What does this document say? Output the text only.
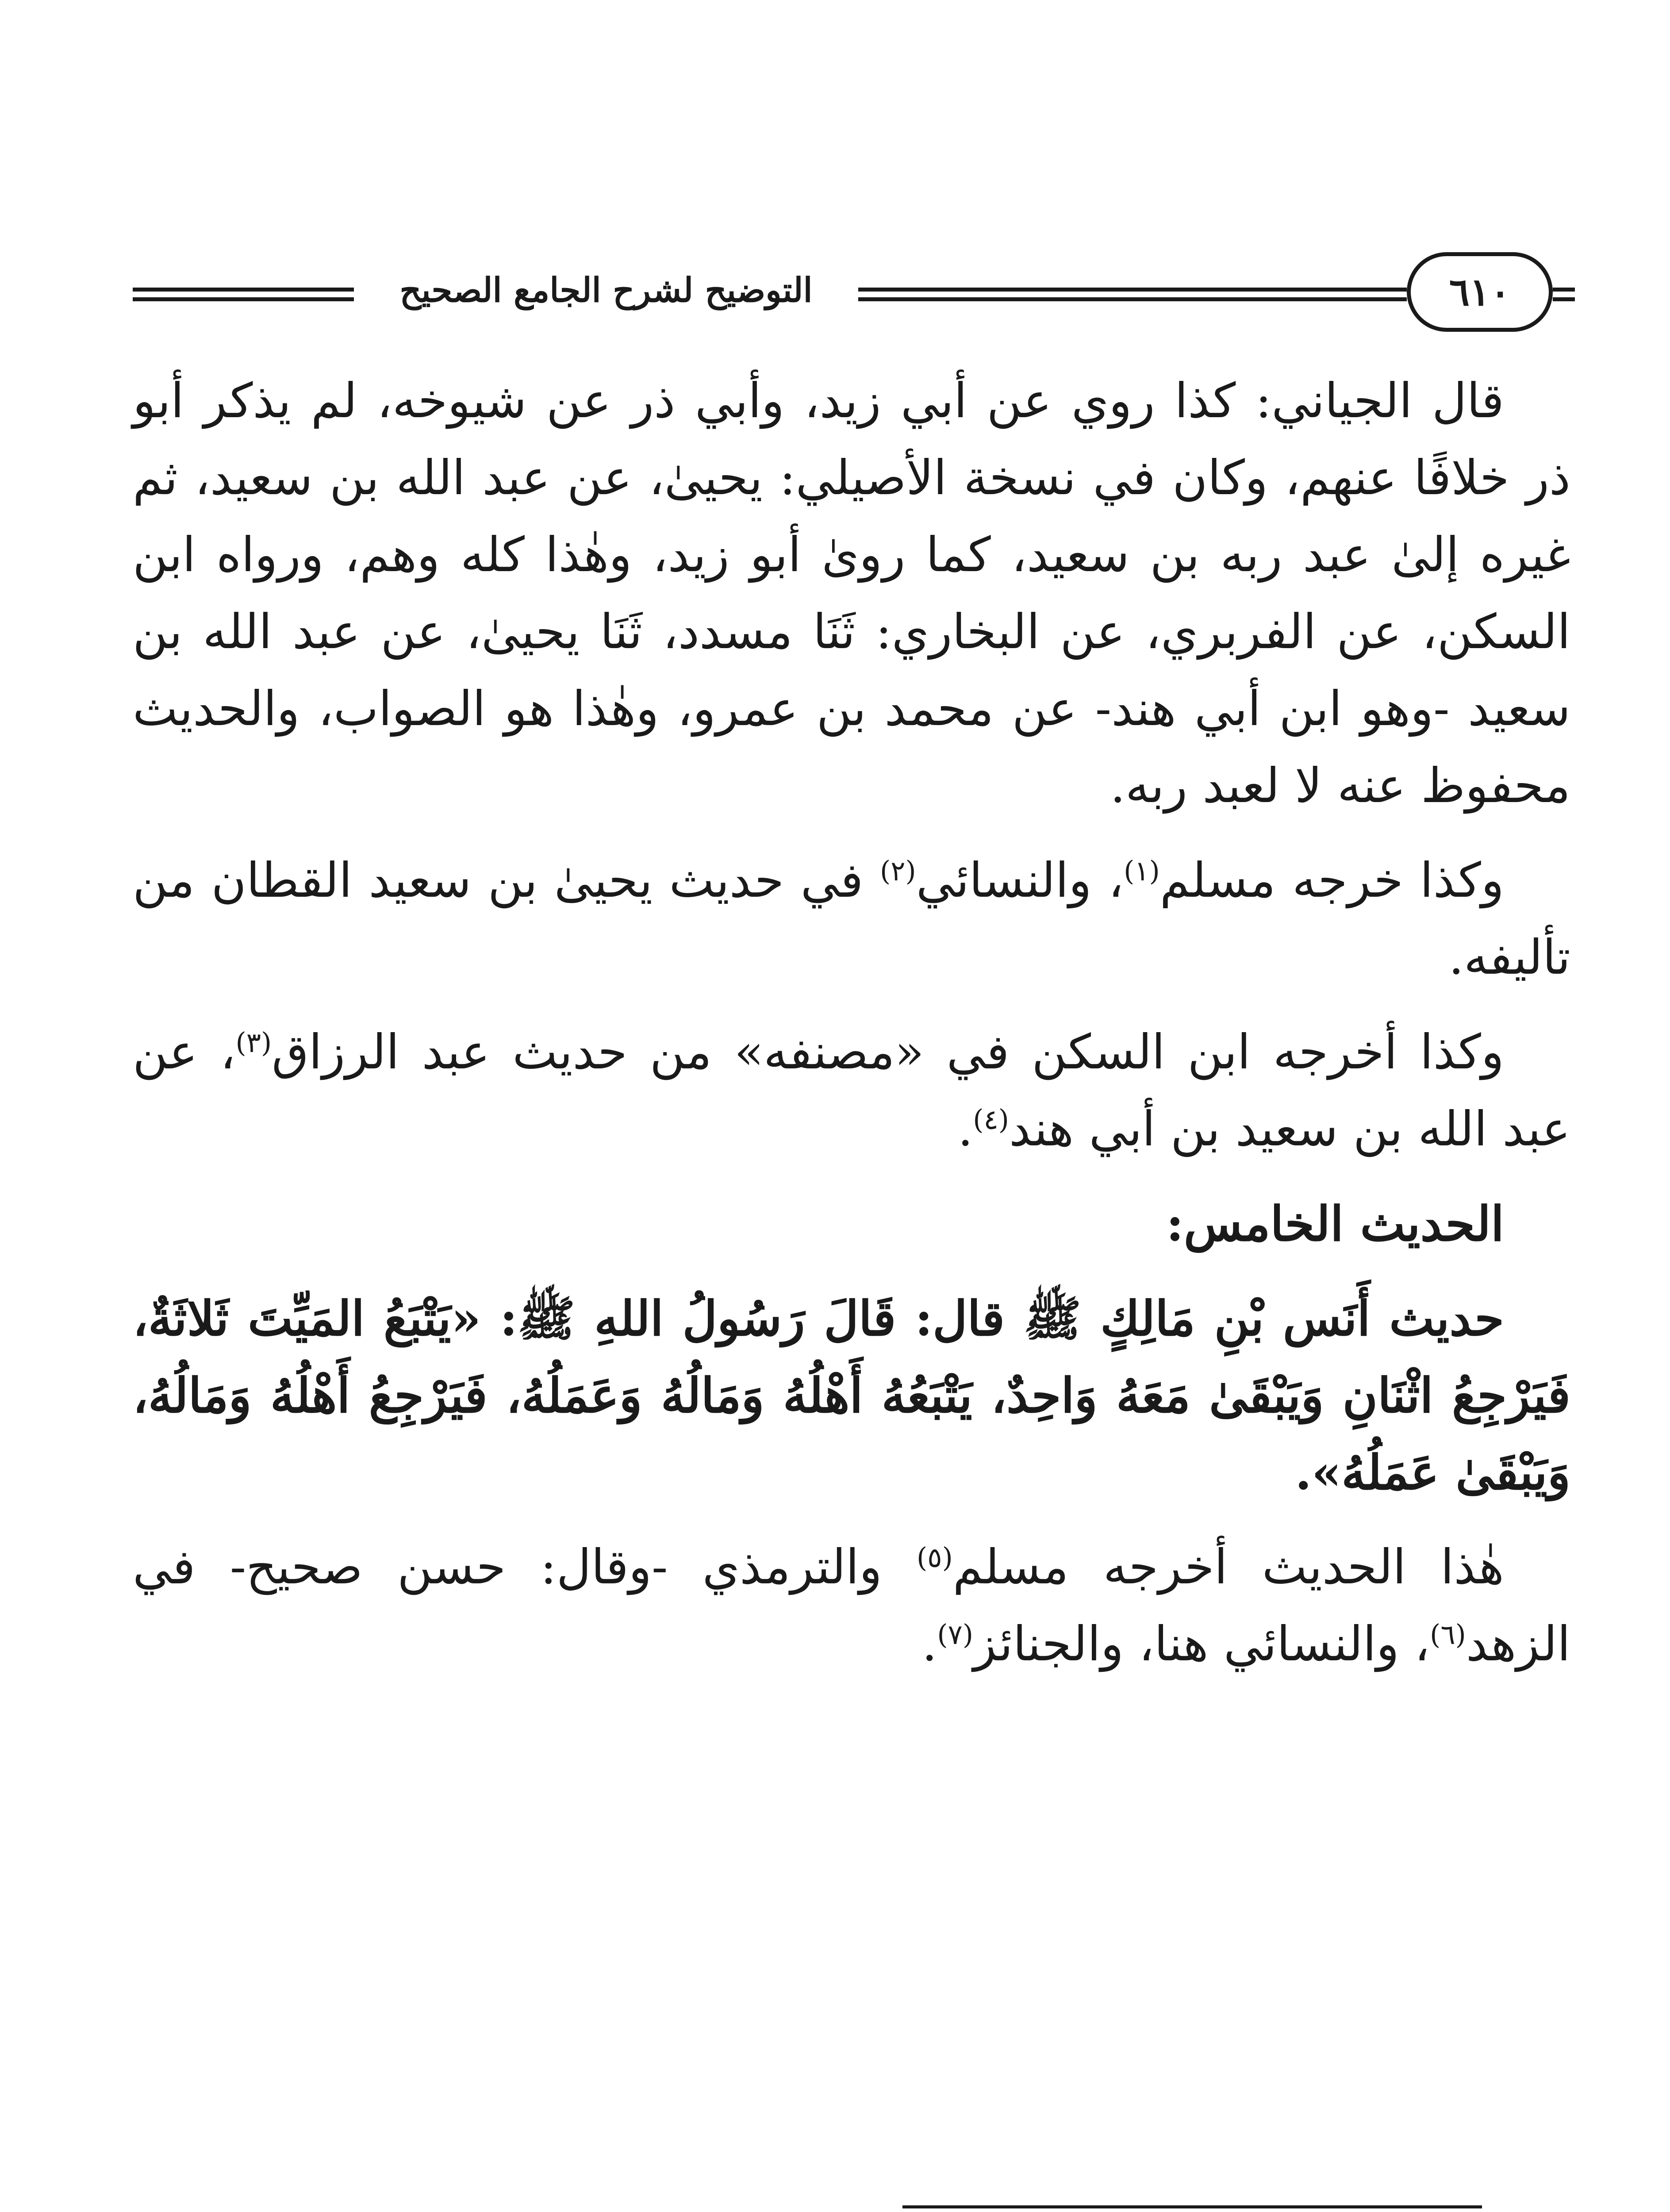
التوضيح لشرح الجامع الصحيح	٦١٠

قال الجياني: كذا روي عن أبي زيد، وأبي ذر عن شيوخه، لم يذكر أبو ذر خلافًا عنهم، وكان في نسخة الأصيلي: يحيىٰ، عن عبد الله بن سعيد، ثم غيره إلىٰ عبد ربه بن سعيد، كما روىٰ أبو زيد، وهٰذا كله وهم، ورواه ابن السكن، عن الفربري، عن البخاري: ثَنَا مسدد، ثَنَا يحيىٰ، عن عبد الله بن سعيد -وهو ابن أبي هند- عن محمد بن عمرو، وهٰذا هو الصواب، والحديث محفوظ عنه لا لعبد ربه.

وكذا خرجه مسلم$^{(١)}$، والنسائي$^{(٢)}$ في حديث يحيىٰ بن سعيد القطان من تأليفه.

وكذا أخرجه ابن السكن في «مصنفه» من حديث عبد الرزاق$^{(٣)}$، عن عبد الله بن سعيد بن أبي هند$^{(٤)}$.

الحديث الخامس:

حديث أَنَس بْنِ مَالِكٍ ﷺ قال: قَالَ رَسُولُ اللهِ ﷺ: «يَتْبَعُ المَيِّتَ ثَلاثَةٌ، فَيَرْجِعُ اثْنَانِ وَيَبْقَىٰ مَعَهُ وَاحِدٌ، يَتْبَعُهُ أَهْلُهُ وَمَالُهُ وَعَمَلُهُ، فَيَرْجِعُ أَهْلُهُ وَمَالُهُ، وَيَبْقَىٰ عَمَلُهُ».

هٰذا الحديث أخرجه مسلم$^{(٥)}$ والترمذي -وقال: حسن صحيح- في الزهد$^{(٦)}$، والنسائي هنا، والجنائز$^{(٧)}$.
